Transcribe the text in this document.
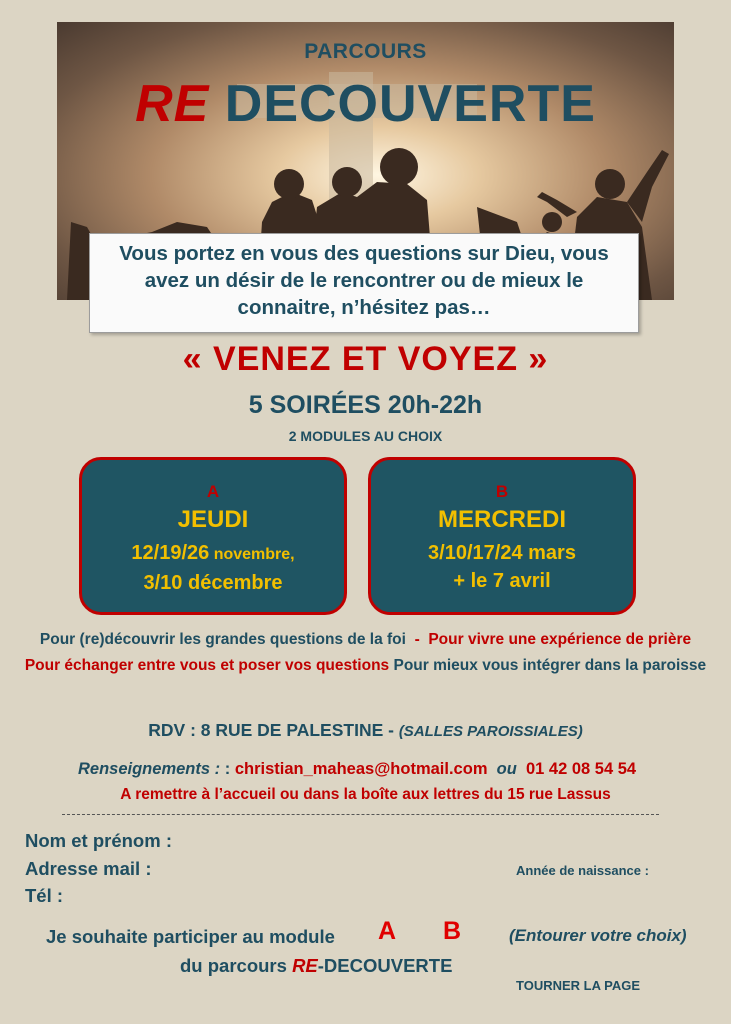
PARCOURS
RE DECOUVERTE

Vous portez en vous des questions sur Dieu, vous avez un désir de le rencontrer ou de mieux le connaitre, n’hésitez pas…

« VENEZ ET VOYEZ »
5 SOIRÉES 20h-22h
2 MODULES AU CHOIX
A
JEUDI
12/19/26 novembre,
3/10 décembre
B
MERCREDI
3/10/17/24 mars
+ le 7 avril
Pour (re)découvrir les grandes questions de la foi  -  Pour vivre une expérience de prière
Pour échanger entre vous et poser vos questions Pour mieux vous intégrer dans la paroisse
RDV : 8 RUE DE PALESTINE - (SALLES PAROISSIALES)
Renseignements : : christian_maheas@hotmail.com  ou  01 42 08 54 54
A remettre à l’accueil ou dans la boîte aux lettres du 15 rue Lassus
Nom et prénom :
Adresse mail :
Tél :
Année de naissance :
Je souhaite participer au module A B	(Entourer votre choix)
du parcours RE-DECOUVERTE
TOURNER LA PAGE
